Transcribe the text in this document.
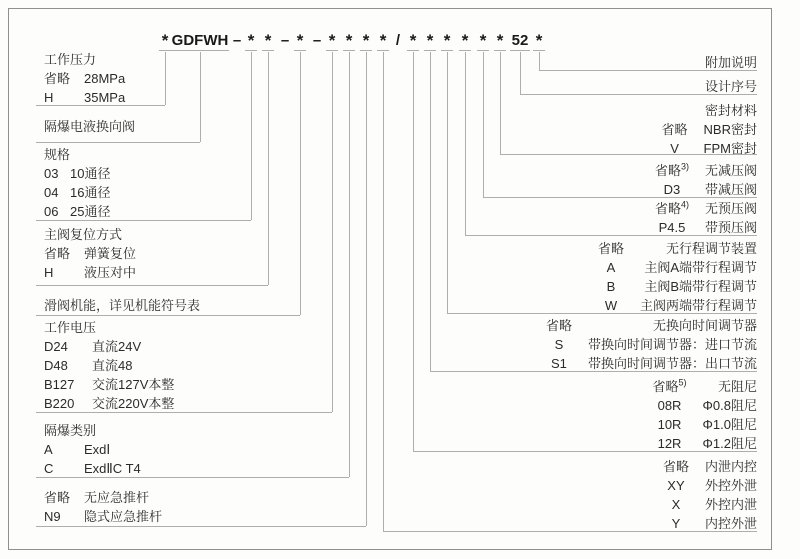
* GDFWH – * * – * – * * * * / * * * * * * 52 *
工作压力
省略	28MPa
H	35MPa
隔爆电液换向阀
规格
03 10通径
04 16通径
06 25通径
主阀复位方式
省略	弹簧复位
H	液压对中
滑阀机能，详见机能符号表
工作电压
D24	直流24V
D48	直流48
B127	交流127V本整
B220	交流220V本整
隔爆类别
A	ExdⅠ
C	ExdⅡC T4
省略	无应急推杆
N9	隐式应急推杆
附加说明
设计序号
密封材料
省略	NBR密封
V	FPM密封
省略$^{3)}$	无减压阀
D3	带减压阀
省略$^{4)}$	无预压阀
P4.5	带预压阀
省略	无行程调节装置
A	主阀A端带行程调节
B	主阀B端带行程调节
W	主阀两端带行程调节
省略	无换向时间调节器
S	带换向时间调节器：进口节流
S1	带换向时间调节器：出口节流
省略$^{5)}$	无阻尼
08R	Φ0.8阻尼
10R	Φ1.0阻尼
12R	Φ1.2阻尼
省略	内泄内控
XY	外控外泄
X	外控内泄
Y	内控外泄
